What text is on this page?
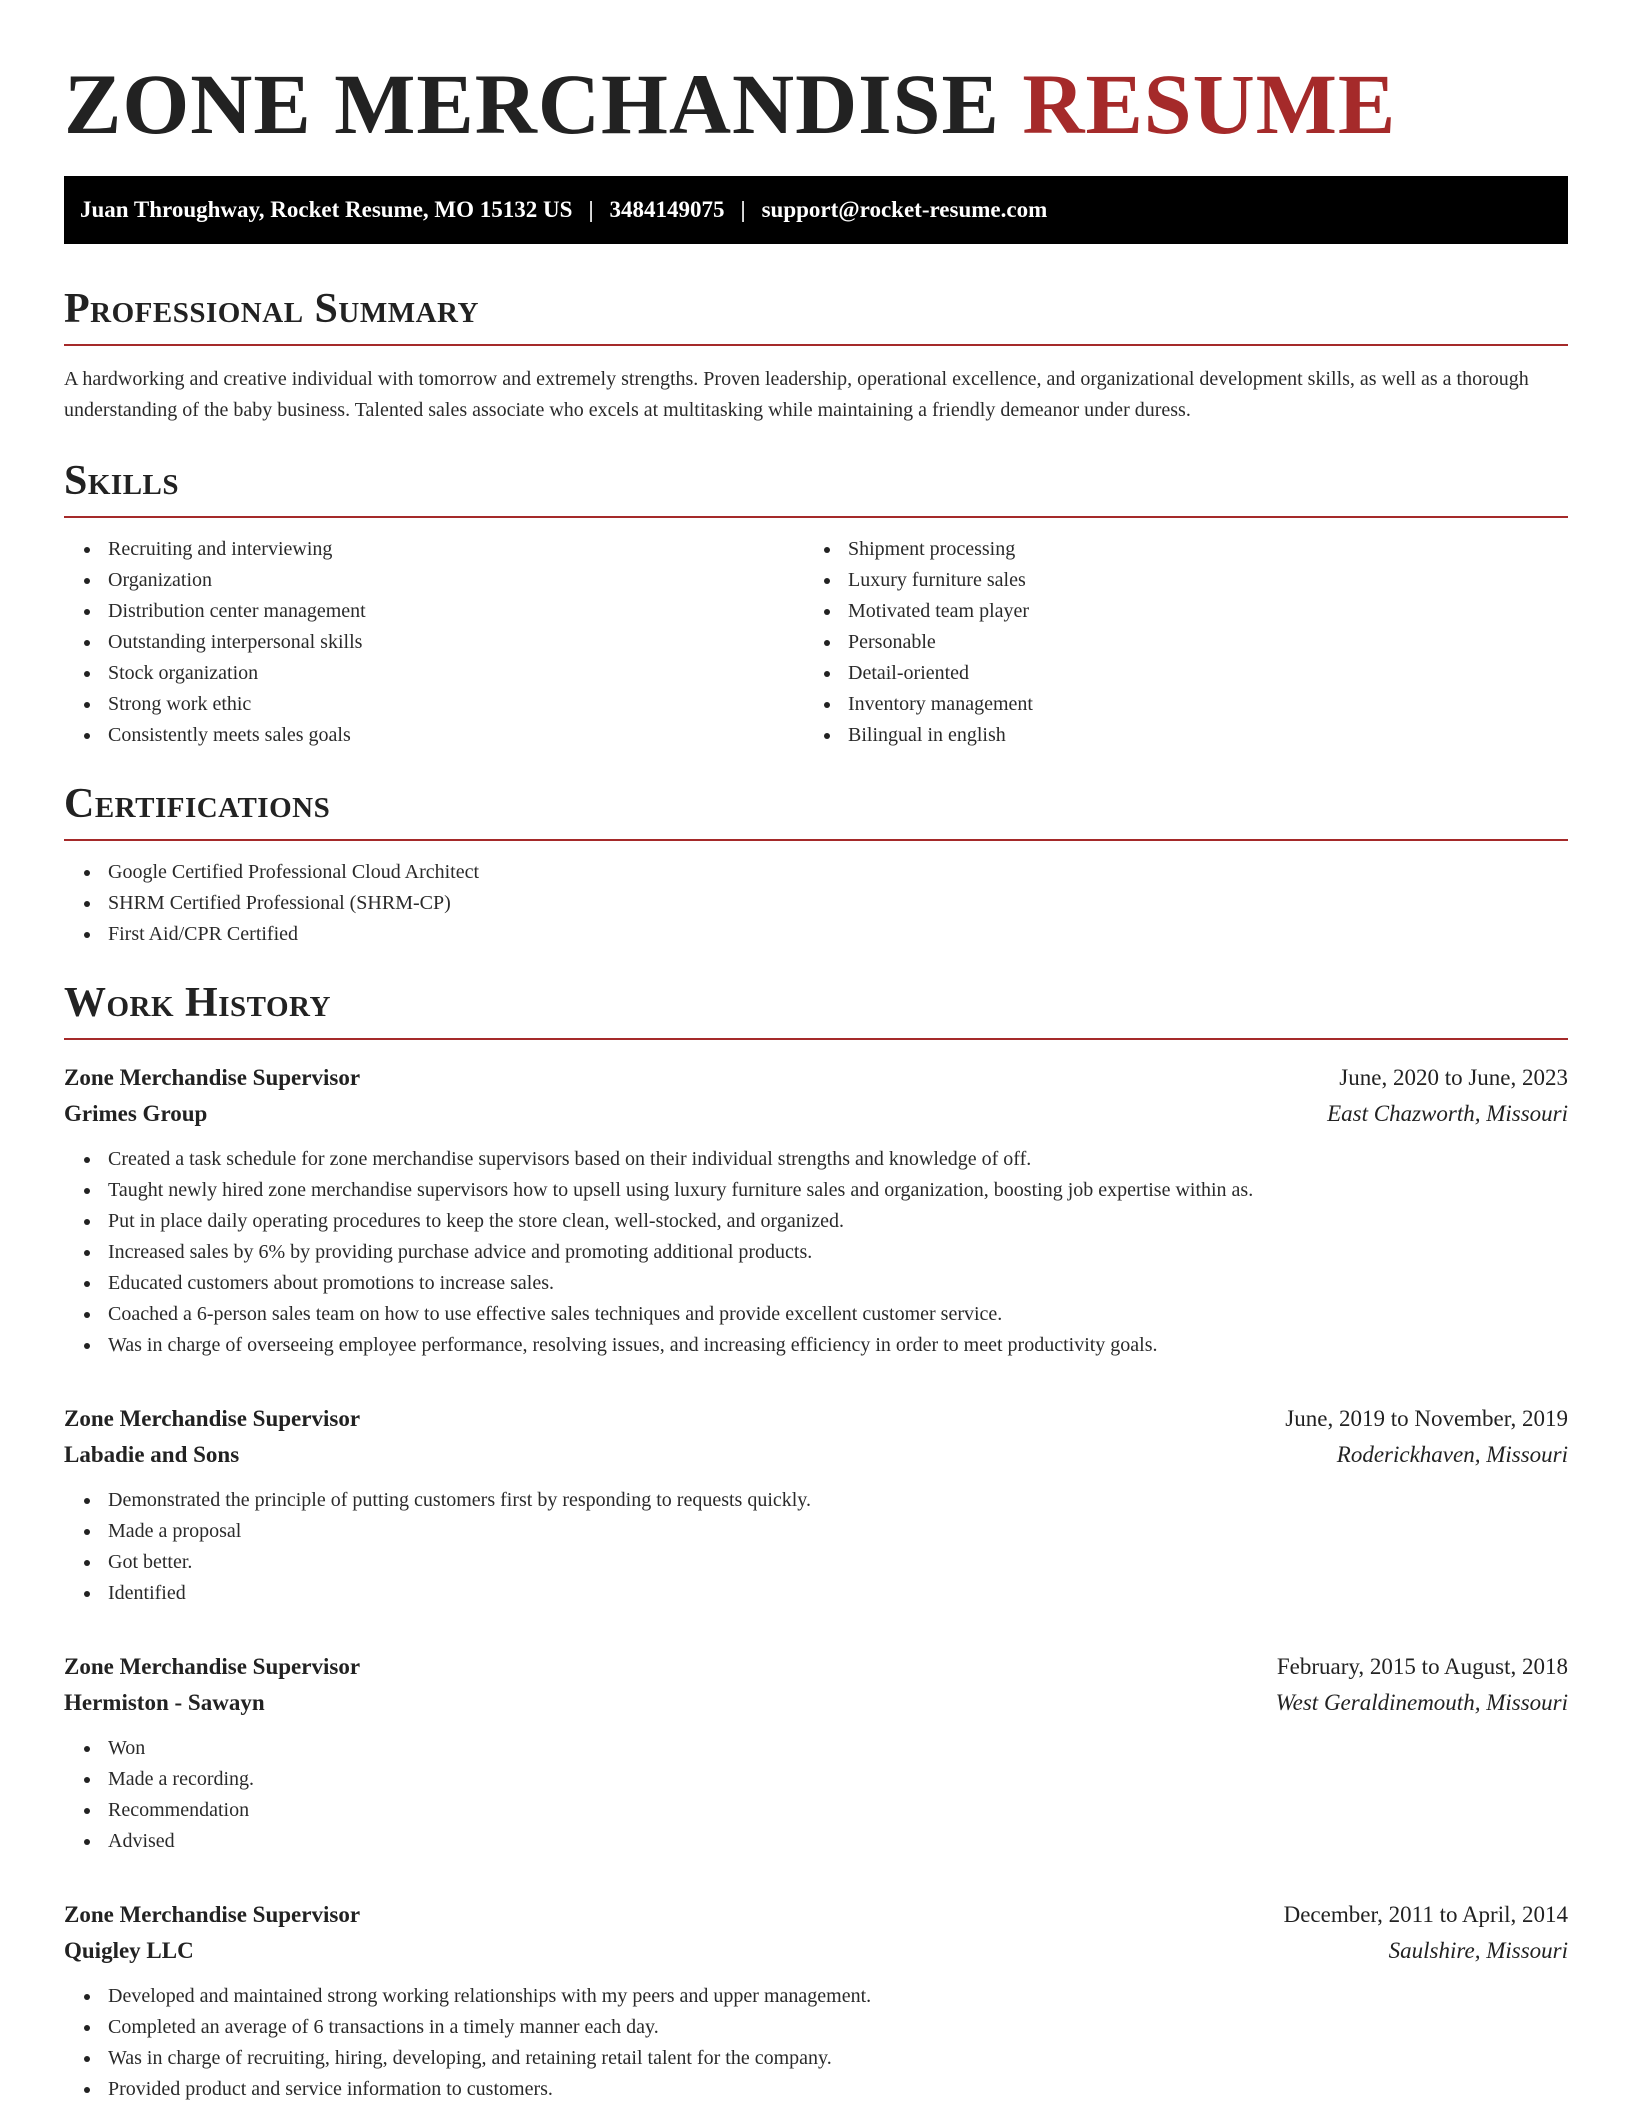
ZONE MERCHANDISE RESUME
Juan Throughway, Rocket Resume, MO 15132 US | 3484149075 | support@rocket-resume.com
Professional Summary

A hardworking and creative individual with tomorrow and extremely strengths. Proven leadership, operational excellence, and organizational development skills, as well as a thorough understanding of the baby business. Talented sales associate who excels at multitasking while maintaining a friendly demeanor under duress.

Skills
Recruiting and interviewing
Organization
Distribution center management
Outstanding interpersonal skills
Stock organization
Strong work ethic
Consistently meets sales goals
Shipment processing
Luxury furniture sales
Motivated team player
Personable
Detail-oriented
Inventory management
Bilingual in english
Certifications
Google Certified Professional Cloud Architect
SHRM Certified Professional (SHRM-CP)
First Aid/CPR Certified
Work History
Zone Merchandise Supervisor	June, 2020 to June, 2023
Grimes Group	East Chazworth, Missouri
Created a task schedule for zone merchandise supervisors based on their individual strengths and knowledge of off.
Taught newly hired zone merchandise supervisors how to upsell using luxury furniture sales and organization, boosting job expertise within as.
Put in place daily operating procedures to keep the store clean, well-stocked, and organized.
Increased sales by 6% by providing purchase advice and promoting additional products.
Educated customers about promotions to increase sales.
Coached a 6-person sales team on how to use effective sales techniques and provide excellent customer service.
Was in charge of overseeing employee performance, resolving issues, and increasing efficiency in order to meet productivity goals.
Zone Merchandise Supervisor	June, 2019 to November, 2019
Labadie and Sons	Roderickhaven, Missouri
Demonstrated the principle of putting customers first by responding to requests quickly.
Made a proposal
Got better.
Identified
Zone Merchandise Supervisor	February, 2015 to August, 2018
Hermiston - Sawayn	West Geraldinemouth, Missouri
Won
Made a recording.
Recommendation
Advised
Zone Merchandise Supervisor	December, 2011 to April, 2014
Quigley LLC	Saulshire, Missouri
Developed and maintained strong working relationships with my peers and upper management.
Completed an average of 6 transactions in a timely manner each day.
Was in charge of recruiting, hiring, developing, and retaining retail talent for the company.
Provided product and service information to customers.
